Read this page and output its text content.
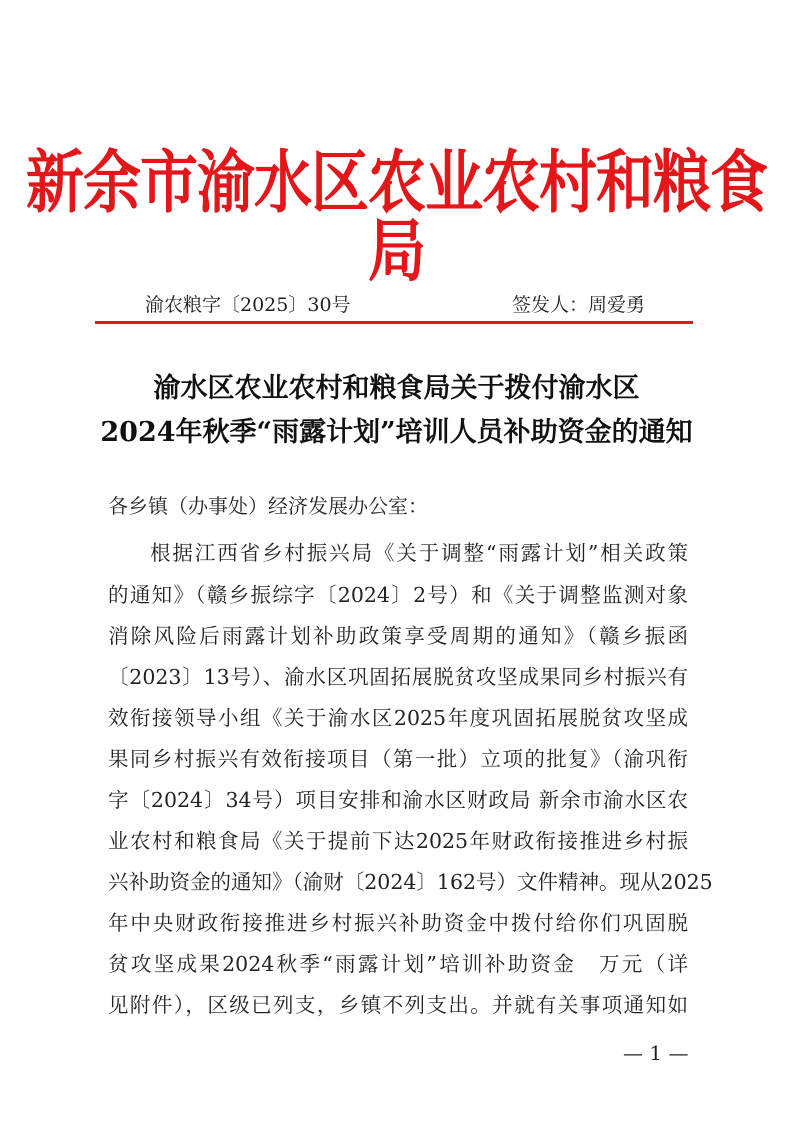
新余市渝水区农业农村和粮食局
渝农粮字〔2025〕30号	签发人：周爱勇
渝水区农业农村和粮食局关于拨付渝水区
2024年秋季“雨露计划”培训人员补助资金的通知
各乡镇（办事处）经济发展办公室：
根据江西省乡村振兴局《关于调整“雨露计划”相关政策
的通知》（赣乡振综字〔2024〕2号）和《关于调整监测对象
消除风险后雨露计划补助政策享受周期的通知》（赣乡振函
〔2023〕13号）、渝水区巩固拓展脱贫攻坚成果同乡村振兴有
效衔接领导小组《关于渝水区2025年度巩固拓展脱贫攻坚成
果同乡村振兴有效衔接项目（第一批）立项的批复》（渝巩衔
字〔2024〕34号）项目安排和渝水区财政局 新余市渝水区农
业农村和粮食局《关于提前下达2025年财政衔接推进乡村振
兴补助资金的通知》（渝财〔2024〕162号）文件精神。现从2025
年中央财政衔接推进乡村振兴补助资金中拨付给你们巩固脱
贫攻坚成果2024秋季“雨露计划”培训补助资金　万元（详
见附件），区级已列支，乡镇不列支出。并就有关事项通知如
— 1 —
